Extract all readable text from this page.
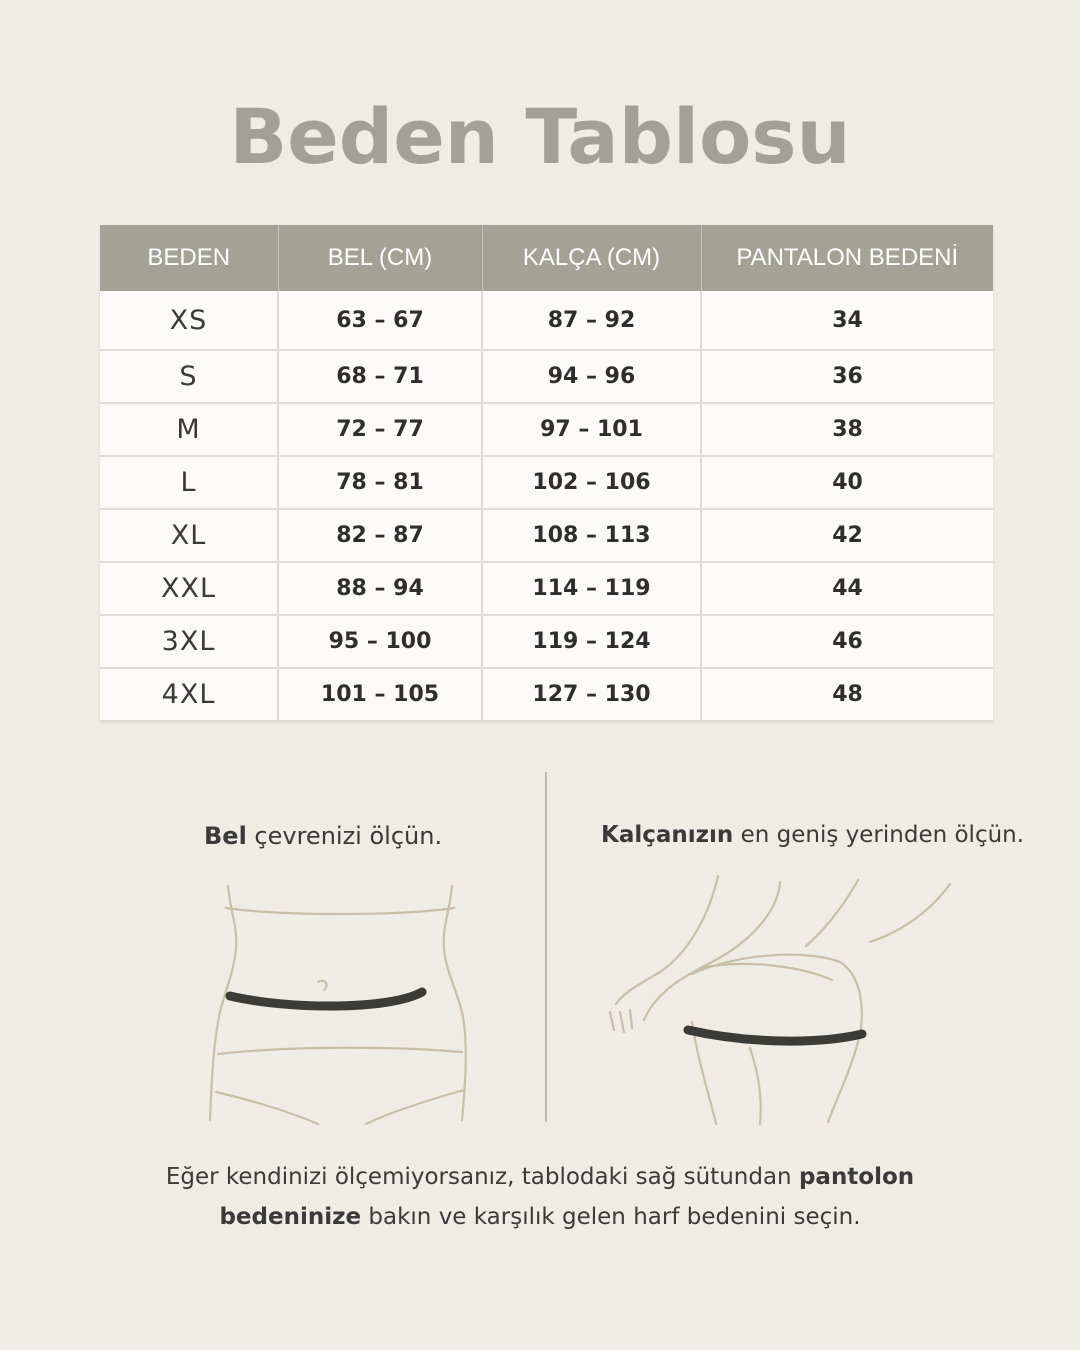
Beden Tablosu
BEDEN	BEL (CM)	KALÇA (CM)	PANTALON BEDENİ
XS	63 – 67	87 – 92	34
S	68 – 71	94 – 96	36
M	72 – 77	97 – 101	38
L	78 – 81	102 – 106	40
XL	82 – 87	108 – 113	42
XXL	88 – 94	114 – 119	44
3XL	95 – 100	119 – 124	46
4XL	101 – 105	127 – 130	48
Bel çevrenizi ölçün.	Kalçanızın en geniş yerinden ölçün.
Eğer kendinizi ölçemiyorsanız, tablodaki sağ sütundan pantolon
bedeninize bakın ve karşılık gelen harf bedenini seçin.
